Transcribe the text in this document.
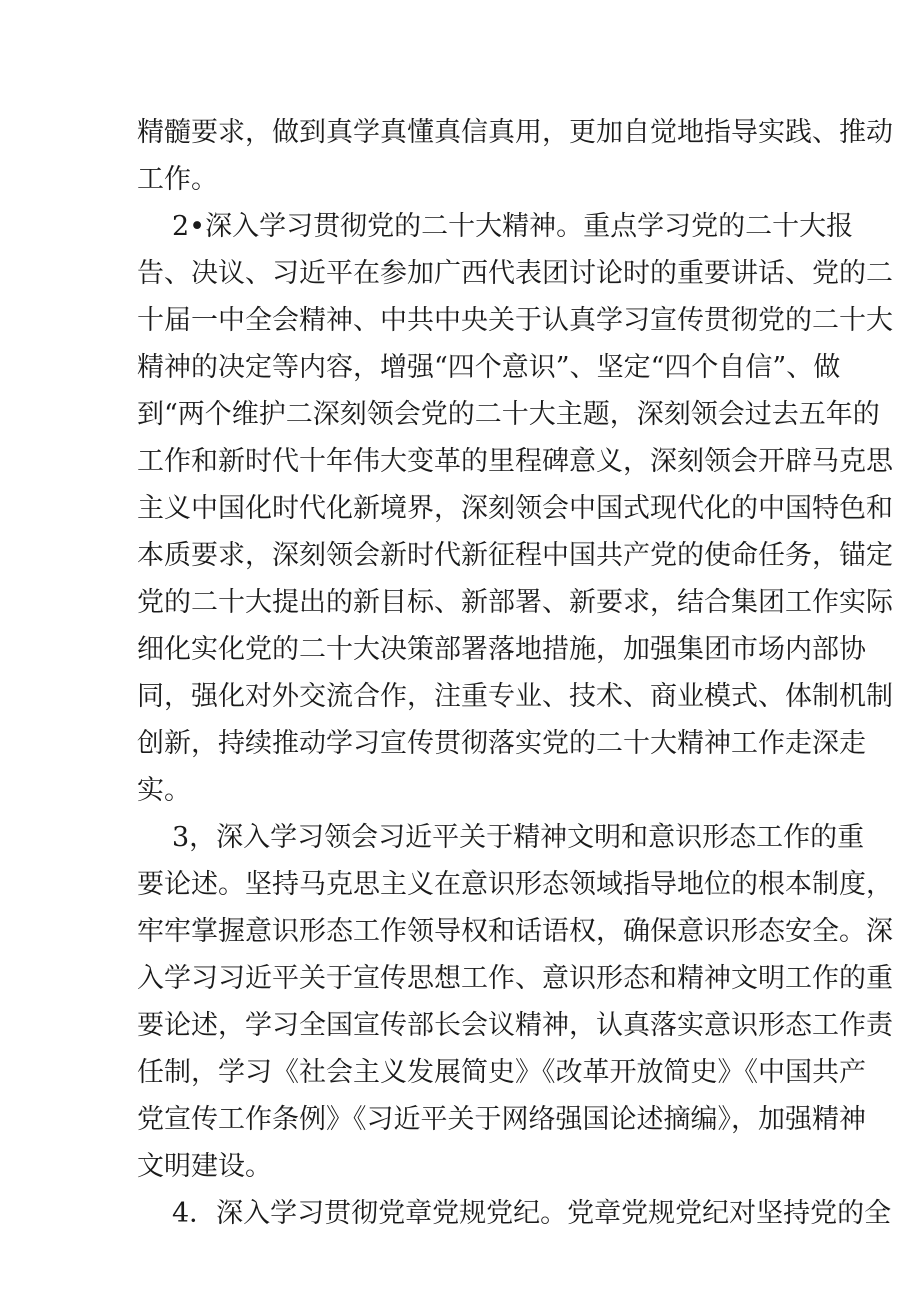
精髓要求，做到真学真懂真信真用，更加自觉地指导实践、推动
工作。
2•深入学习贯彻党的二十大精神。重点学习党的二十大报
告、决议、习近平在参加广西代表团讨论时的重要讲话、党的二
十届一中全会精神、中共中央关于认真学习宣传贯彻党的二十大
精神的决定等内容，增强“四个意识”、坚定“四个自信”、做
到“两个维护二深刻领会党的二十大主题，深刻领会过去五年的
工作和新时代十年伟大变革的里程碑意义，深刻领会开辟马克思
主义中国化时代化新境界，深刻领会中国式现代化的中国特色和
本质要求，深刻领会新时代新征程中国共产党的使命任务，锚定
党的二十大提出的新目标、新部署、新要求，结合集团工作实际
细化实化党的二十大决策部署落地措施，加强集团市场内部协
同，强化对外交流合作，注重专业、技术、商业模式、体制机制
创新，持续推动学习宣传贯彻落实党的二十大精神工作走深走
实。
3，深入学习领会习近平关于精神文明和意识形态工作的重
要论述。坚持马克思主义在意识形态领域指导地位的根本制度，
牢牢掌握意识形态工作领导权和话语权，确保意识形态安全。深
入学习习近平关于宣传思想工作、意识形态和精神文明工作的重
要论述，学习全国宣传部长会议精神，认真落实意识形态工作责
任制，学习《社会主义发展简史》《改革开放简史》《中国共产
党宣传工作条例》《习近平关于网络强国论述摘编》，加强精神
文明建设。
4．深入学习贯彻党章党规党纪。党章党规党纪对坚持党的全
